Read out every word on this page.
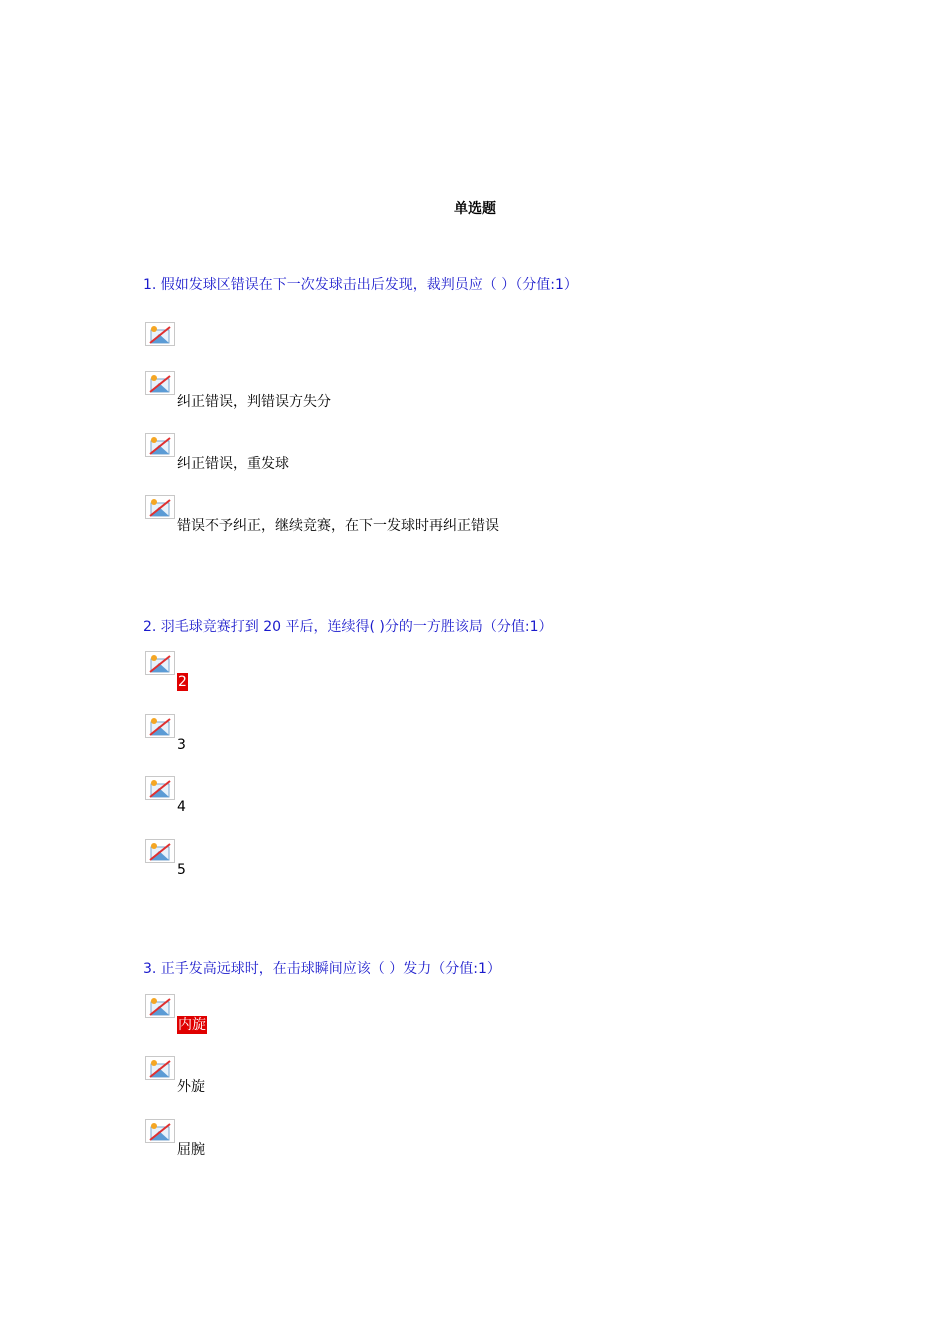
单选题
1. 假如发球区错误在下一次发球击出后发现，裁判员应（ ）（分值:1）
纠正错误，判错误方失分
纠正错误，重发球
错误不予纠正，继续竞赛，在下一发球时再纠正错误
2. 羽毛球竞赛打到 20 平后，连续得( )分的一方胜该局（分值:1）
2
3
4
5
3. 正手发高远球时，在击球瞬间应该（ ）发力（分值:1）
内旋
外旋
屈腕
